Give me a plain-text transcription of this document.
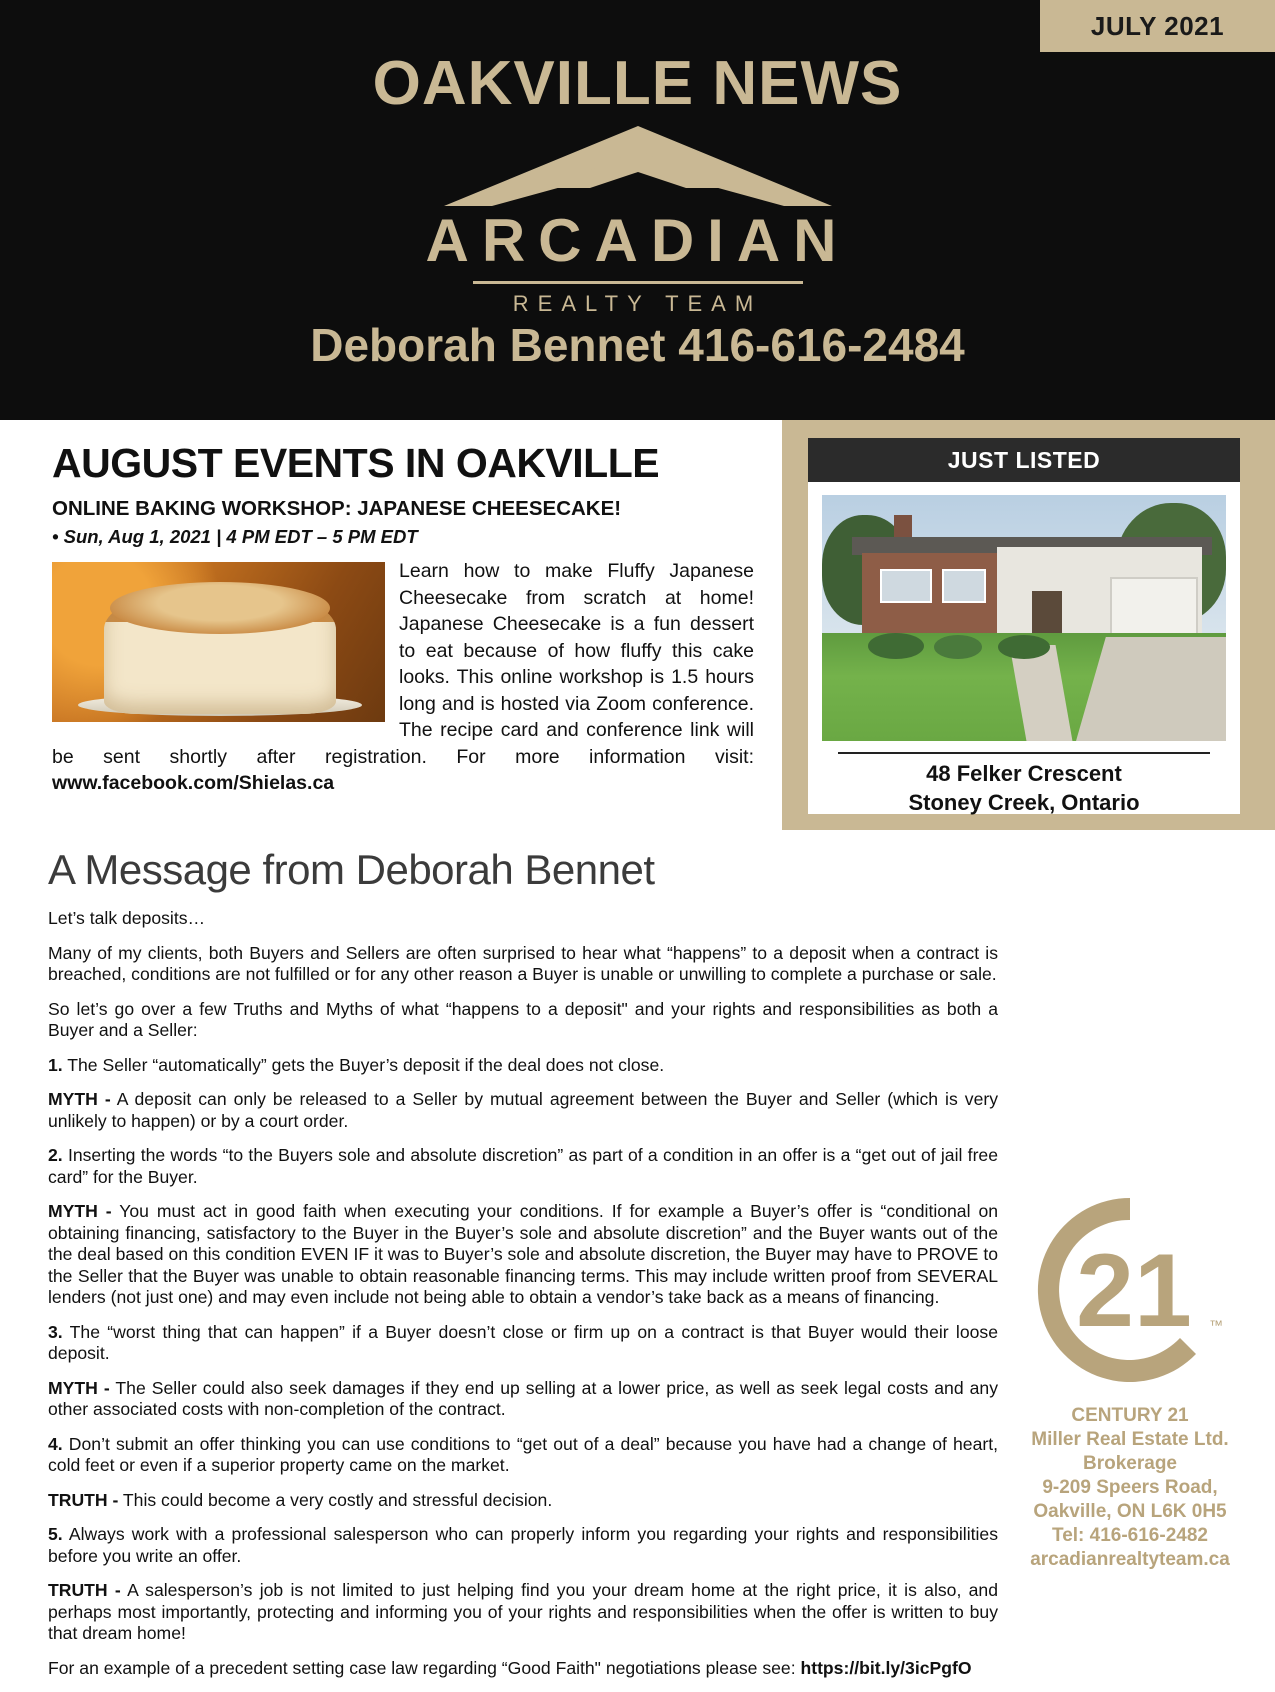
JULY 2021
OAKVILLE NEWS
ARCADIAN
REALTY TEAM
Deborah Bennet 416-616-2484
AUGUST EVENTS IN OAKVILLE
ONLINE BAKING WORKSHOP: JAPANESE CHEESECAKE!
• Sun, Aug 1, 2021 | 4 PM EDT – 5 PM EDT
Learn how to make Fluffy Japanese Cheesecake from scratch at home! Japanese Cheesecake is a fun dessert to eat because of how fluffy this cake looks. This online workshop is 1.5 hours long and is hosted via Zoom conference. The recipe card and conference link will be sent shortly after registration. For more information visit: www.facebook.com/Shielas.ca
JUST LISTED
48 Felker Crescent
Stoney Creek, Ontario
A Message from Deborah Bennet

Let’s talk deposits…

Many of my clients, both Buyers and Sellers are often surprised to hear what “happens” to a deposit when a contract is breached, conditions are not fulfilled or for any other reason a Buyer is unable or unwilling to complete a purchase or sale.

So let’s go over a few Truths and Myths of what “happens to a deposit" and your rights and responsibilities as both a Buyer and a Seller:

1. The Seller “automatically” gets the Buyer’s deposit if the deal does not close.

MYTH - A deposit can only be released to a Seller by mutual agreement between the Buyer and Seller (which is very unlikely to happen) or by a court order.

2. Inserting the words “to the Buyers sole and absolute discretion” as part of a condition in an offer is a “get out of jail free card” for the Buyer.

MYTH - You must act in good faith when executing your conditions. If for example a Buyer’s offer is “conditional on obtaining financing, satisfactory to the Buyer in the Buyer’s sole and absolute discretion” and the Buyer wants out of the the deal based on this condition EVEN IF it was to Buyer’s sole and absolute discretion, the Buyer may have to PROVE to the Seller that the Buyer was unable to obtain reasonable financing terms. This may include written proof from SEVERAL lenders (not just one) and may even include not being able to obtain a vendor’s take back as a means of financing.

3. The “worst thing that can happen” if a Buyer doesn’t close or firm up on a contract is that Buyer would their loose deposit.

MYTH - The Seller could also seek damages if they end up selling at a lower price, as well as seek legal costs and any other associated costs with non-completion of the contract.

4. Don’t submit an offer thinking you can use conditions to “get out of a deal” because you have had a change of heart, cold feet or even if a superior property came on the market.

TRUTH - This could become a very costly and stressful decision.

5. Always work with a professional salesperson who can properly inform you regarding your rights and responsibilities before you write an offer.

TRUTH - A salesperson’s job is not limited to just helping find you your dream home at the right price, it is also, and perhaps most importantly, protecting and informing you of your rights and responsibilities when the offer is written to buy that dream home!

For an example of a precedent setting case law regarding “Good Faith" negotiations please see: https://bit.ly/3icPgfO

21 ™
CENTURY 21
Miller Real Estate Ltd.
Brokerage
9-209 Speers Road,
Oakville, ON L6K 0H5
Tel: 416-616-2482
arcadianrealtyteam.ca
